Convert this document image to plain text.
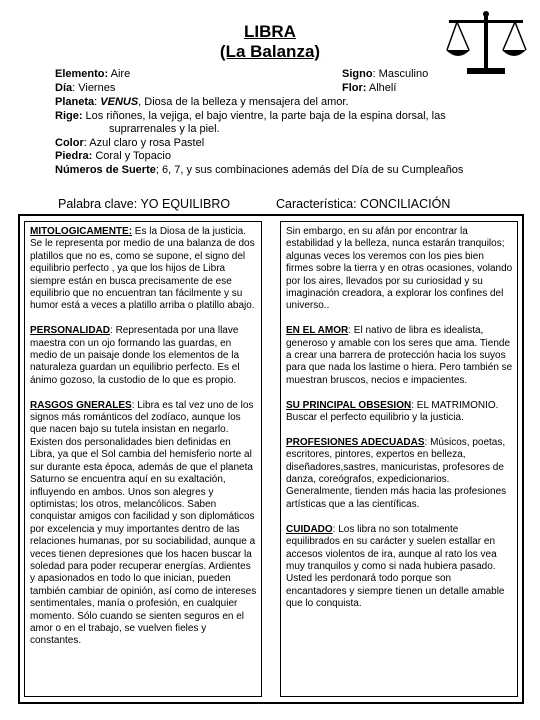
LIBRA
(La Balanza)
Elemento: Aire	Signo: Masculino
Día: Viernes	Flor: Alhelí

Planeta: VENUS, Diosa de la belleza y mensajera del amor.

Rige: Los riñones, la vejiga, el bajo vientre, la parte baja de la espina dorsal, las

suprarrenales y la piel.

Color: Azul claro y rosa Pastel

Piedra: Coral y Topacio

Números de Suerte; 6, 7, y sus combinaciones además del Día de su Cumpleaños

Palabra clave: YO EQUILIBRO	Característica: CONCILIACIÓN

MITOLOGICAMENTE: Es la Diosa de la justicia. Se le representa por medio de una balanza de dos platillos que no es, como se supone, el signo del equilibrio perfecto , ya que los hijos de Libra siempre están en busca precisamente de ese equilibrio que no encuentran tan fácilmente y su humor está a veces a platillo arriba o platillo abajo.

PERSONALIDAD: Representada por una llave maestra con un ojo formando las guardas, en medio de un paisaje donde los elementos de la naturaleza guardan un equilibrio perfecto. Es el ánimo gozoso, la custodio de lo que es propio.

RASGOS GNERALES: Libra es tal vez uno de los signos más románticos del zodíaco, aunque los que nacen bajo su tutela insistan en negarlo. Existen dos personalidades bien definidas en Libra, ya que el Sol cambia del hemisferio norte al sur durante esta época, además de que el planeta Saturno se encuentra aquí en su exaltación, influyendo en ambos. Unos son alegres y optimistas; los otros, melancólicos. Saben conquistar amigos con facilidad y son diplomáticos por excelencia y muy importantes dentro de las relaciones humanas, por su sociabilidad, aunque a veces tienen depresiones que los hacen buscar la soledad para poder recuperar energías. Ardientes y apasionados en todo lo que inician, pueden también cambiar de opinión, así como de intereses sentimentales, manía o profesión, en cualquier momento. Sólo cuando se sienten seguros en el amor o en el trabajo, se vuelven fieles y constantes.

Sin embargo, en su afán por encontrar la estabilidad y la belleza, nunca estarán tranquilos; algunas veces los veremos con los pies bien firmes sobre la tierra y en otras ocasiones, volando por los aires, llevados por su curiosidad y su imaginación creadora, a explorar los confines del universo..

EN EL AMOR: El nativo de libra es idealista, generoso y amable con los seres que ama. Tiende a crear una barrera de protección hacia los suyos para que nada los lastime o hiera. Pero también se muestran bruscos, necios e impacientes.

SU PRINCIPAL OBSESION: EL MATRIMONIO. Buscar el perfecto equilibrio y la justicia.

PROFESIONES ADECUADAS: Músicos, poetas, escritores, pintores, expertos en belleza, diseñadores,sastres, manicuristas, profesores de danza, coreógrafos, expedicionarios. Generalmente, tienden más hacia las profesiones artísticas que a las científicas.

CUIDADO: Los libra no son totalmente equilibrados en su carácter y suelen estallar en accesos violentos de ira, aunque al rato los vea muy tranquilos y como si nada hubiera pasado. Usted les perdonará todo porque son encantadores y siempre tienen un detalle amable que lo conquista.
